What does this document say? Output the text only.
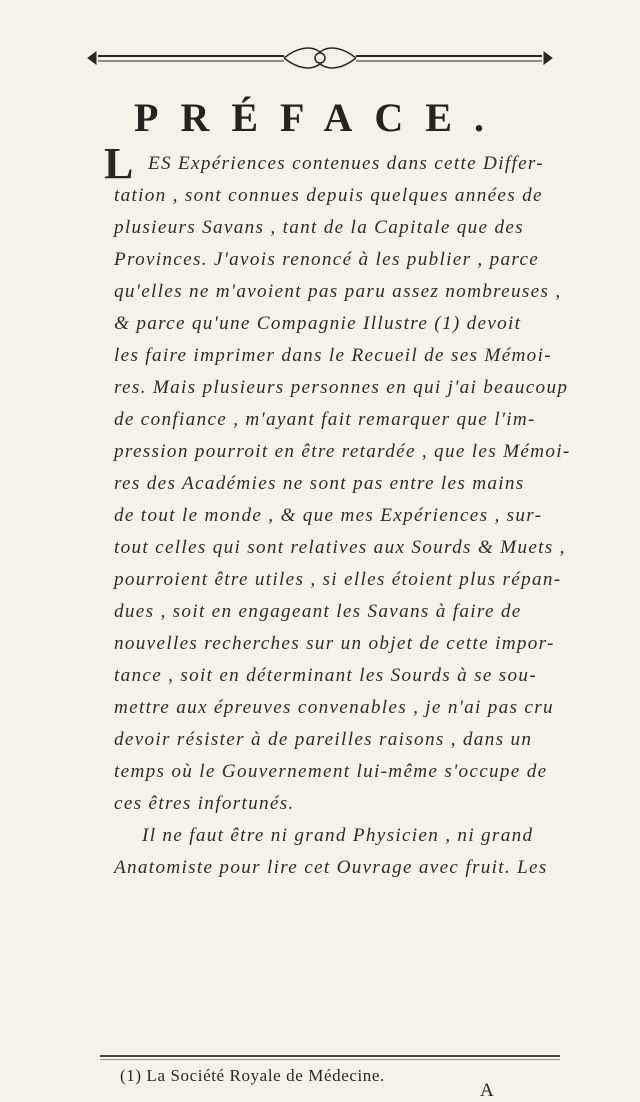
PRÉFACE.
L ES Expériences contenues dans cette Differ-
tation , sont connues depuis quelques années de
plusieurs Savans , tant de la Capitale que des
Provinces. J'avois renoncé à les publier , parce
qu'elles ne m'avoient pas paru assez nombreuses ,
& parce qu'une Compagnie Illustre (1) devoit
les faire imprimer dans le Recueil de ses Mémoi-
res. Mais plusieurs personnes en qui j'ai beaucoup
de confiance , m'ayant fait remarquer que l'im-
pression pourroit en être retardée , que les Mémoi-
res des Académies ne sont pas entre les mains
de tout le monde , & que mes Expériences , sur-
tout celles qui sont relatives aux Sourds & Muets ,
pourroient être utiles , si elles étoient plus répan-
dues , soit en engageant les Savans à faire de
nouvelles recherches sur un objet de cette impor-
tance , soit en déterminant les Sourds à se sou-
mettre aux épreuves convenables , je n'ai pas cru
devoir résister à de pareilles raisons , dans un
temps où le Gouvernement lui-même s'occupe de
ces êtres infortunés.
Il ne faut être ni grand Physicien , ni grand
Anatomiste pour lire cet Ouvrage avec fruit. Les
(1) La Société Royale de Médecine.
A
